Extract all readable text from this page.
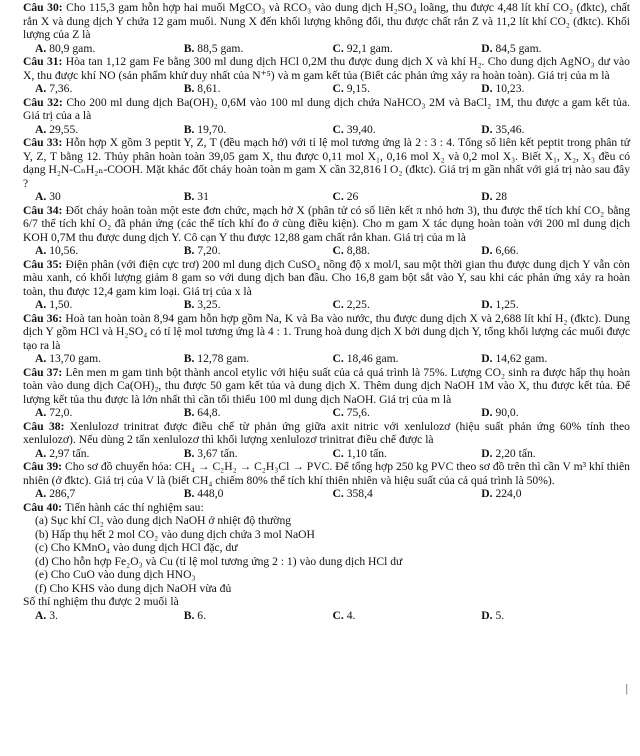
Câu 30: Cho 115,3 gam hỗn hợp hai muối MgCO₃ và RCO₃ vào dung dịch H₂SO₄ loãng, thu được 4,48 lít khí CO₂ (đktc), chất rắn X và dung dịch Y chứa 12 gam muối. Nung X đến khối lượng không đổi, thu được chất rắn Z và 11,2 lít khí CO₂ (đktc). Khối lượng của Z là

A. 80,9 gam.	B. 88,5 gam.	C. 92,1 gam.	D. 84,5 gam.

Câu 31: Hòa tan 1,12 gam Fe bằng 300 ml dung dịch HCl 0,2M thu được dung dịch X và khí H₂. Cho dung dịch AgNO₃ dư vào X, thu được khí NO (sản phẩm khử duy nhất của N⁺⁵) và m gam kết tủa (Biết các phản ứng xảy ra hoàn toàn). Giá trị của m là

A. 7,36.	B. 8,61.	C. 9,15.	D. 10,23.

Câu 32: Cho 200 ml dung dịch Ba(OH)₂ 0,6M vào 100 ml dung dịch chứa NaHCO₃ 2M và BaCl₂ 1M, thu được a gam kết tủa. Giá trị của a là

A. 29,55.	B. 19,70.	C. 39,40.	D. 35,46.

Câu 33: Hỗn hợp X gồm 3 peptit Y, Z, T (đều mạch hở) với tỉ lệ mol tương ứng là 2 : 3 : 4. Tổng số liên kết peptit trong phân tử Y, Z, T bằng 12. Thủy phân hoàn toàn 39,05 gam X, thu được 0,11 mol X₁, 0,16 mol X₂ và 0,2 mol X₃. Biết X₁, X₂, X₃ đều có dạng H₂N-CₙH₂ₙ-COOH. Mặt khác đốt cháy hoàn toàn m gam X cần 32,816 l O₂ (đktc). Giá trị m gần nhất với giá trị nào sau đây ?

A. 30	B. 31	C. 26	D. 28

Câu 34: Đốt cháy hoàn toàn một este đơn chức, mạch hở X (phân tử có số liên kết π nhỏ hơn 3), thu được thể tích khí CO₂ bằng 6/7 thể tích khí O₂ đã phản ứng (các thể tích khí đo ở cùng điều kiện). Cho m gam X tác dụng hoàn toàn với 200 ml dung dịch KOH 0,7M thu được dung dịch Y. Cô cạn Y thu được 12,88 gam chất rắn khan. Giá trị của m là

A. 10,56.	B. 7,20.	C. 8,88.	D. 6,66.

Câu 35: Điện phân (với điện cực trơ) 200 ml dung dịch CuSO₄ nồng độ x mol/l, sau một thời gian thu được dung dịch Y vẫn còn màu xanh, có khối lượng giảm 8 gam so với dung dịch ban đầu. Cho 16,8 gam bột sắt vào Y, sau khi các phản ứng xảy ra hoàn toàn, thu được 12,4 gam kim loại. Giá trị của x là

A. 1,50.	B. 3,25.	C. 2,25.	D. 1,25.

Câu 36: Hoà tan hoàn toàn 8,94 gam hỗn hợp gồm Na, K và Ba vào nước, thu được dung dịch X và 2,688 lít khí H₂ (đktc). Dung dịch Y gồm HCl và H₂SO₄ có tỉ lệ mol tương ứng là 4 : 1. Trung hoà dung dịch X bởi dung dịch Y, tổng khối lượng các muối được tạo ra là

A. 13,70 gam.	B. 12,78 gam.	C. 18,46 gam.	D. 14,62 gam.

Câu 37: Lên men m gam tinh bột thành ancol etylic với hiệu suất của cả quá trình là 75%. Lượng CO₂ sinh ra được hấp thụ hoàn toàn vào dung dịch Ca(OH)₂, thu được 50 gam kết tủa và dung dịch X. Thêm dung dịch NaOH 1M vào X, thu được kết tủa. Để lượng kết tủa thu được là lớn nhất thì cần tối thiểu 100 ml dung dịch NaOH. Giá trị của m là

A. 72,0.	B. 64,8.	C. 75,6.	D. 90,0.

Câu 38: Xenlulozơ trinitrat được điều chế từ phản ứng giữa axit nitric với xenlulozơ (hiệu suất phản ứng 60% tính theo xenlulozơ). Nếu dùng 2 tấn xenlulozơ thì khối lượng xenlulozơ trinitrat điều chế được là

A. 2,97 tấn.	B. 3,67 tấn.	C. 1,10 tấn.	D. 2,20 tấn.

Câu 39: Cho sơ đồ chuyển hóa: CH₄ → C₂H₂ → C₂H₃Cl → PVC. Để tổng hợp 250 kg PVC theo sơ đồ trên thì cần V m³ khí thiên nhiên (ở đktc). Giá trị của V là (biết CH₄ chiếm 80% thể tích khí thiên nhiên và hiệu suất của cả quá trình là 50%).

A. 286,7	B. 448,0	C. 358,4	D. 224,0

Câu 40: Tiến hành các thí nghiệm sau:

(a) Sục khí Cl₂ vào dung dịch NaOH ở nhiệt độ thường

(b) Hấp thụ hết 2 mol CO₂ vào dung dịch chứa 3 mol NaOH

(c) Cho KMnO₄ vào dung dịch HCl đặc, dư

(d) Cho hỗn hợp Fe₂O₃ và Cu (tỉ lệ mol tương ứng 2 : 1) vào dung dịch HCl dư

(e) Cho CuO vào dung dịch HNO₃

(f) Cho KHS vào dung dịch NaOH vừa đủ

Số thí nghiệm thu được 2 muối là

A. 3.	B. 6.	C. 4.	D. 5.
|
